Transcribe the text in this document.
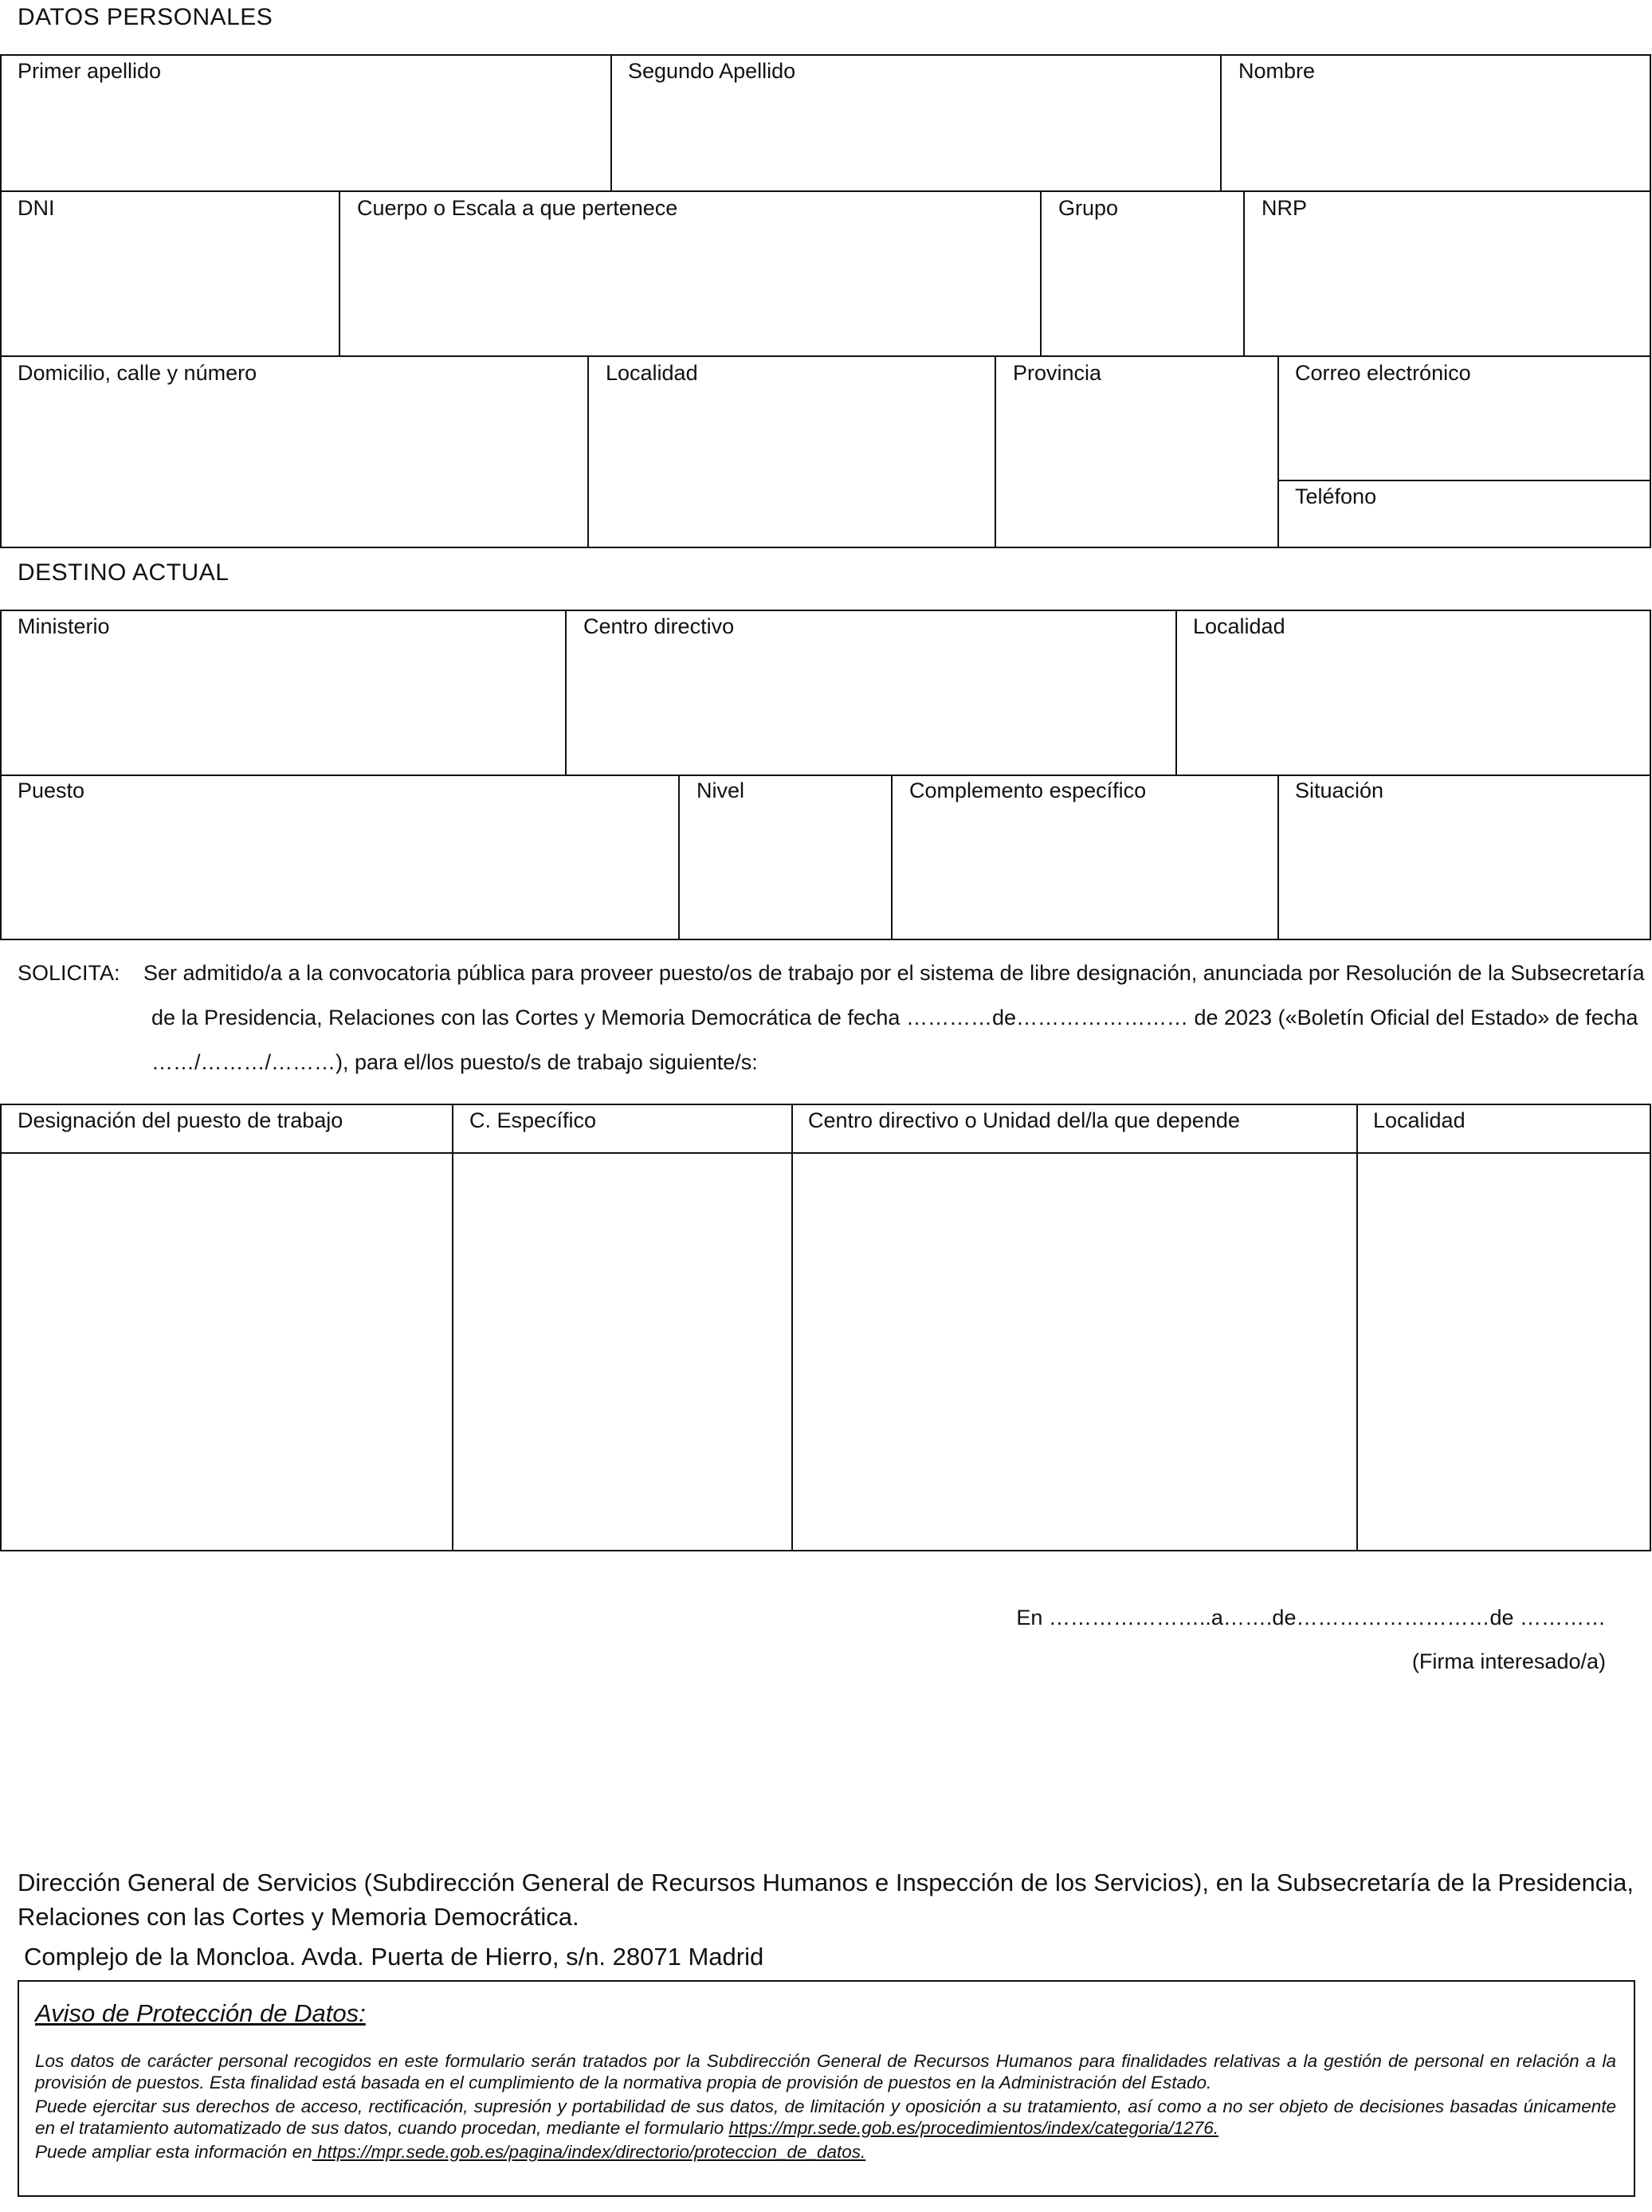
DATOS PERSONALES
Primer apellido	Segundo Apellido	Nombre
DNI	Cuerpo o Escala a que pertenece	Grupo	NRP
Domicilio, calle y número	Localidad	Provincia	Correo electrónico
Teléfono
DESTINO ACTUAL
Ministerio	Centro directivo	Localidad
Puesto	Nivel	Complemento específico	Situación
SOLICITA: Ser admitido/a a la convocatoria pública para proveer puesto/os de trabajo por el sistema de libre designación, anunciada por Resolución de la Subsecretaría
de la Presidencia, Relaciones con las Cortes y Memoria Democrática de fecha …………de…………………… de 2023 («Boletín Oficial del Estado» de fecha
……/………/………), para el/los puesto/s de trabajo siguiente/s:
Designación del puesto de trabajo	C. Específico	Centro directivo o Unidad del/la que depende	Localidad
En …………………..a…….de………………………de …………
(Firma interesado/a)
Dirección General de Servicios (Subdirección General de Recursos Humanos e Inspección de los Servicios), en la Subsecretaría de la Presidencia,
Relaciones con las Cortes y Memoria Democrática.
Complejo de la Moncloa. Avda. Puerta de Hierro, s/n. 28071 Madrid
Aviso de Protección de Datos:
Los datos de carácter personal recogidos en este formulario serán tratados por la Subdirección General de Recursos Humanos para finalidades relativas a la gestión de personal en relación a la provisión de puestos. Esta finalidad está basada en el cumplimiento de la normativa propia de provisión de puestos en la Administración del Estado.
Puede ejercitar sus derechos de acceso, rectificación, supresión y portabilidad de sus datos, de limitación y oposición a su tratamiento, así como a no ser objeto de decisiones basadas únicamente en el tratamiento automatizado de sus datos, cuando procedan, mediante el formulario https://mpr.sede.gob.es/procedimientos/index/categoria/1276.
Puede ampliar esta información en https://mpr.sede.gob.es/pagina/index/directorio/proteccion_de_datos.
